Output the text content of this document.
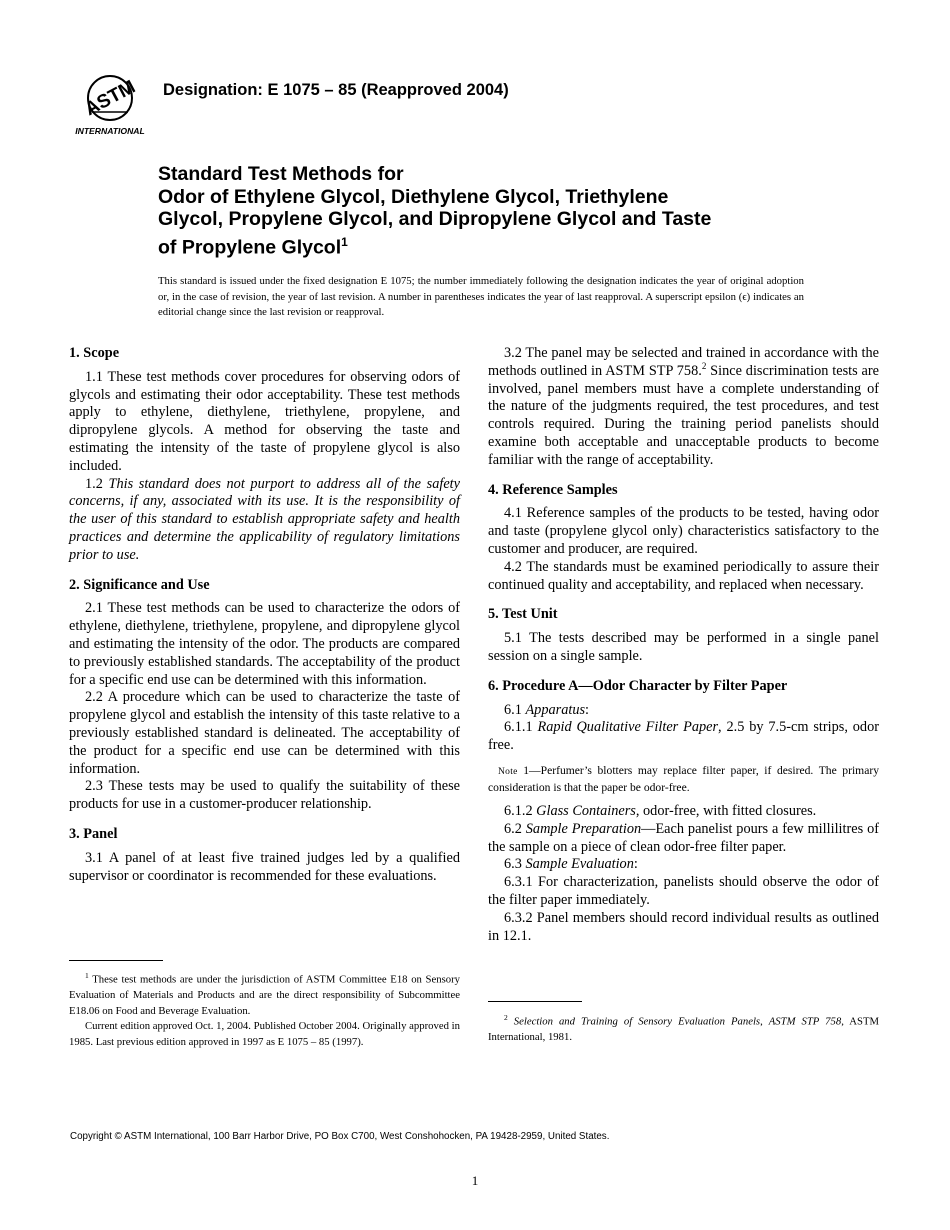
ASTM
INTERNATIONAL
Designation: E 1075 – 85 (Reapproved 2004)
Standard Test Methods for
Odor of Ethylene Glycol, Diethylene Glycol, Triethylene
Glycol, Propylene Glycol, and Dipropylene Glycol and Taste
of Propylene Glycol$^1$
This standard is issued under the fixed designation E 1075; the number immediately following the designation indicates the year of original adoption or, in the case of revision, the year of last revision. A number in parentheses indicates the year of last reapproval. A superscript epsilon (ϵ) indicates an editorial change since the last revision or reapproval.
1. Scope

1.1 These test methods cover procedures for observing odors of glycols and estimating their odor acceptability. These test methods apply to ethylene, diethylene, triethylene, propylene, and dipropylene glycols. A method for observing the taste and estimating the intensity of the taste of propylene glycol is also included.

1.2 This standard does not purport to address all of the safety concerns, if any, associated with its use. It is the responsibility of the user of this standard to establish appropriate safety and health practices and determine the applicability of regulatory limitations prior to use.

2. Significance and Use

2.1 These test methods can be used to characterize the odors of ethylene, diethylene, triethylene, propylene, and dipropylene glycol and estimating the intensity of the odor. The products are compared to previously established standards. The acceptability of the product for a specific end use can be determined with this information.

2.2 A procedure which can be used to characterize the taste of propylene glycol and establish the intensity of this taste relative to a previously established standard is delineated. The acceptability of the product for a specific end use can be determined with this information.

2.3 These tests may be used to qualify the suitability of these products for use in a customer-producer relationship.

3. Panel

3.1 A panel of at least five trained judges led by a qualified supervisor or coordinator is recommended for these evaluations.

3.2 The panel may be selected and trained in accordance with the methods outlined in ASTM STP 758.$^2$ Since discrimination tests are involved, panel members must have a complete understanding of the nature of the judgments required, the test procedures, and test controls required. During the training period panelists should examine both acceptable and unacceptable products to become familiar with the range of acceptability.

4. Reference Samples

4.1 Reference samples of the products to be tested, having odor and taste (propylene glycol only) characteristics satisfactory to the customer and producer, are required.

4.2 The standards must be examined periodically to assure their continued quality and acceptability, and replaced when necessary.

5. Test Unit

5.1 The tests described may be performed in a single panel session on a single sample.

6. Procedure A—Odor Character by Filter Paper

6.1 Apparatus:

6.1.1 Rapid Qualitative Filter Paper, 2.5 by 7.5-cm strips, odor free.

Note 1—Perfumer’s blotters may replace filter paper, if desired. The primary consideration is that the paper be odor-free.

6.1.2 Glass Containers, odor-free, with fitted closures.

6.2 Sample Preparation—Each panelist pours a few millilitres of the sample on a piece of clean odor-free filter paper.

6.3 Sample Evaluation:

6.3.1 For characterization, panelists should observe the odor of the filter paper immediately.

6.3.2 Panel members should record individual results as outlined in 12.1.

$^1$ These test methods are under the jurisdiction of ASTM Committee E18 on Sensory Evaluation of Materials and Products and are the direct responsibility of Subcommittee E18.06 on Food and Beverage Evaluation.

Current edition approved Oct. 1, 2004. Published October 2004. Originally approved in 1985. Last previous edition approved in 1997 as E 1075 – 85 (1997).

$^2$ Selection and Training of Sensory Evaluation Panels, ASTM STP 758, ASTM International, 1981.

Copyright © ASTM International, 100 Barr Harbor Drive, PO Box C700, West Conshohocken, PA 19428-2959, United States.
1
